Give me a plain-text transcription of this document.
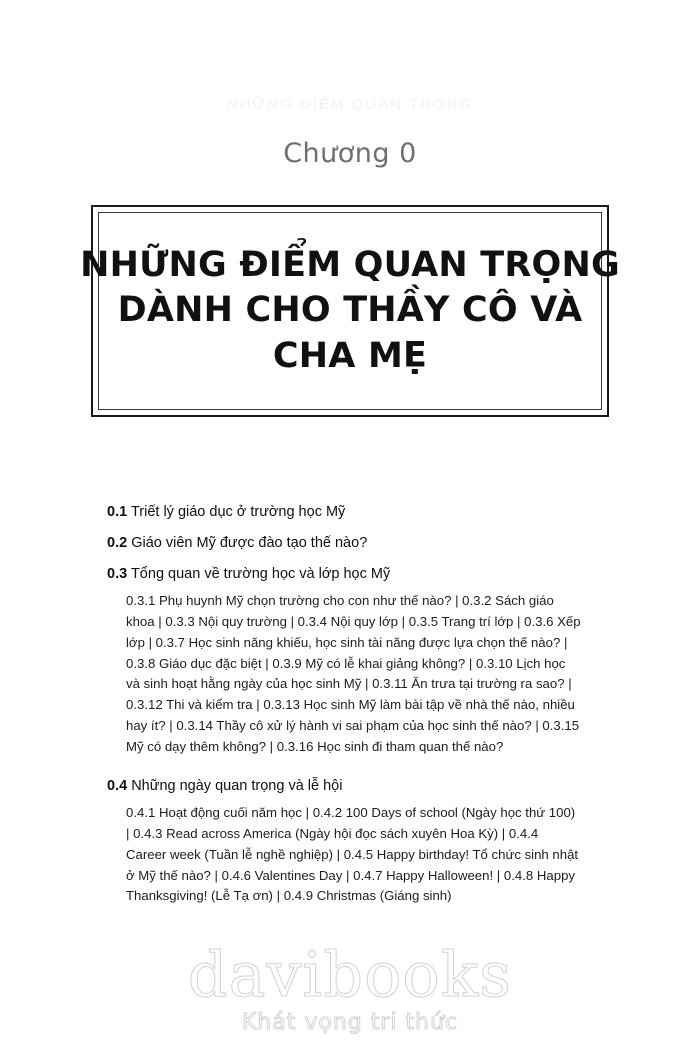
NHỮNG ĐIỂM QUAN TRỌNG
Chương 0
NHỮNG ĐIỂM QUAN TRỌNG
DÀNH CHO THẦY CÔ VÀ
CHA MẸ
0.1 Triết lý giáo dục ở trường học Mỹ
0.2 Giáo viên Mỹ được đào tạo thế nào?
0.3 Tổng quan về trường học và lớp học Mỹ
0.3.1 Phụ huynh Mỹ chọn trường cho con như thế nào? | 0.3.2 Sách giáo khoa | 0.3.3 Nội quy trường | 0.3.4 Nội quy lớp | 0.3.5 Trang trí lớp | 0.3.6 Xếp lớp | 0.3.7 Học sinh năng khiếu, học sinh tài năng được lựa chọn thế nào? | 0.3.8 Giáo dục đặc biệt | 0.3.9 Mỹ có lễ khai giảng không? | 0.3.10 Lịch học và sinh hoạt hằng ngày của học sinh Mỹ | 0.3.11 Ăn trưa tại trường ra sao? | 0.3.12 Thi và kiểm tra | 0.3.13 Học sinh Mỹ làm bài tập về nhà thế nào, nhiều hay ít? | 0.3.14 Thầy cô xử lý hành vi sai phạm của học sinh thế nào? | 0.3.15 Mỹ có dạy thêm không? | 0.3.16 Học sinh đi tham quan thế nào?
0.4 Những ngày quan trọng và lễ hội
0.4.1 Hoạt động cuối năm học | 0.4.2 100 Days of school (Ngày học thứ 100) | 0.4.3 Read across America (Ngày hội đọc sách xuyên Hoa Kỳ) | 0.4.4 Career week (Tuần lễ nghề nghiệp) | 0.4.5 Happy birthday! Tổ chức sinh nhật ở Mỹ thế nào? | 0.4.6 Valentines Day | 0.4.7 Happy Halloween! | 0.4.8 Happy Thanksgiving! (Lễ Tạ ơn) | 0.4.9 Christmas (Giáng sinh)
davibooks
Khát vọng tri thức
